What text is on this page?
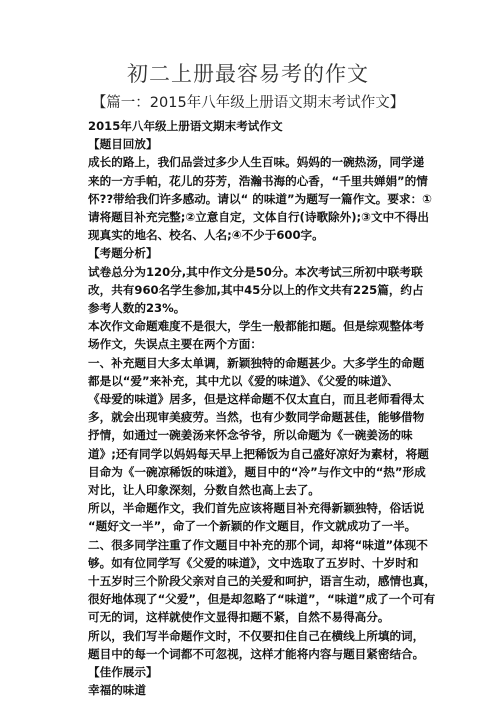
初二上册最容易考的作文
【篇一：2015年八年级上册语文期末考试作文】
2015年八年级上册语文期末考试作文
【题目回放】
成长的路上，我们品尝过多少人生百味。妈妈的一碗热汤，同学递
来的一方手帕，花儿的芬芳，浩瀚书海的心香，“千里共婵娟”的情
怀??带给我们许多感动。请以“ 的味道”为题写一篇作文。要求：①
请将题目补充完整;②立意自定，文体自行(诗歌除外);③文中不得出
现真实的地名、校名、人名;④不少于600字。
【考题分析】
试卷总分为120分,其中作文分是50分。本次考试三所初中联考联
改，共有960名学生参加,其中45分以上的作文共有225篇，约占
参考人数的23%。
本次作文命题难度不是很大，学生一般都能扣题。但是综观整体考
场作文，失误点主要在两个方面：
一、补充题目大多太单调，新颖独特的命题甚少。大多学生的命题
都是以“爱”来补充，其中尤以《爱的味道》、《父爱的味道》、
《母爱的味道》居多，但是这样命题不仅太直白，而且老师看得太
多，就会出现审美疲劳。当然，也有少数同学命题甚佳，能够借物
抒情，如通过一碗姜汤来怀念爷爷，所以命题为《一碗姜汤的味
道》;还有同学以妈妈每天早上把稀饭为自己盛好凉好为素材，将题
目命为《一碗凉稀饭的味道》，题目中的“冷”与作文中的“热”形成
对比，让人印象深刻，分数自然也高上去了。
所以，半命题作文，我们首先应该将题目补充得新颖独特，俗话说
“题好文一半”，命了一个新颖的作文题目，作文就成功了一半。
二、很多同学注重了作文题目中补充的那个词，却将“味道”体现不
够。如有位同学写《父爱的味道》，文中选取了五岁时、十岁时和
十五岁时三个阶段父亲对自己的关爱和呵护，语言生动，感情也真，
很好地体现了“父爱”，但是却忽略了“味道”，“味道”成了一个可有
可无的词，这样就使作文显得扣题不紧，自然不易得高分。
所以，我们写半命题作文时，不仅要扣住自己在横线上所填的词，
题目中的每一个词都不可忽视，这样才能将内容与题目紧密结合。
【佳作展示】
幸福的味道
